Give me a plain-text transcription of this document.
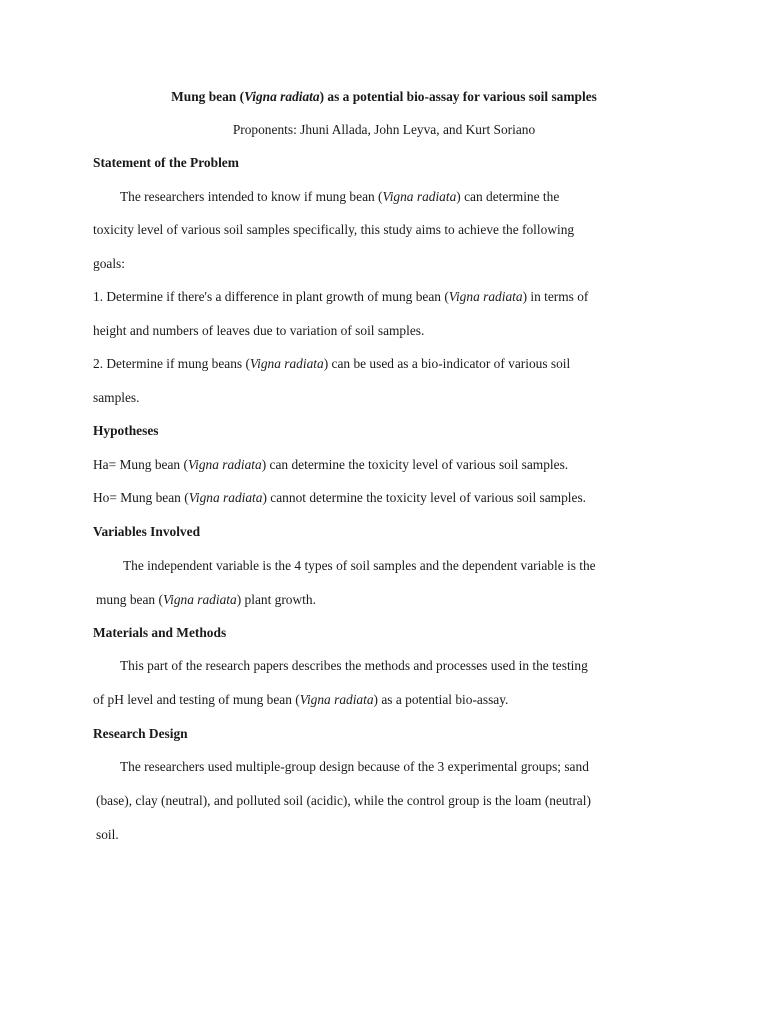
Mung bean (Vigna radiata) as a potential bio-assay for various soil samples
Proponents: Jhuni Allada, John Leyva, and Kurt Soriano
Statement of the Problem
The researchers intended to know if mung bean (Vigna radiata) can determine the
toxicity level of various soil samples specifically, this study aims to achieve the following
goals:
1. Determine if there's a difference in plant growth of mung bean (Vigna radiata) in terms of
height and numbers of leaves due to variation of soil samples.
2. Determine if mung beans (Vigna radiata) can be used as a bio-indicator of various soil
samples.
Hypotheses
Ha= Mung bean (Vigna radiata) can determine the toxicity level of various soil samples.
Ho= Mung bean (Vigna radiata) cannot determine the toxicity level of various soil samples.
Variables Involved
The independent variable is the 4 types of soil samples and the dependent variable is the
mung bean (Vigna radiata) plant growth.
Materials and Methods
This part of the research papers describes the methods and processes used in the testing
of pH level and testing of mung bean (Vigna radiata) as a potential bio-assay.
Research Design
The researchers used multiple-group design because of the 3 experimental groups; sand
(base), clay (neutral), and polluted soil (acidic), while the control group is the loam (neutral)
soil.
